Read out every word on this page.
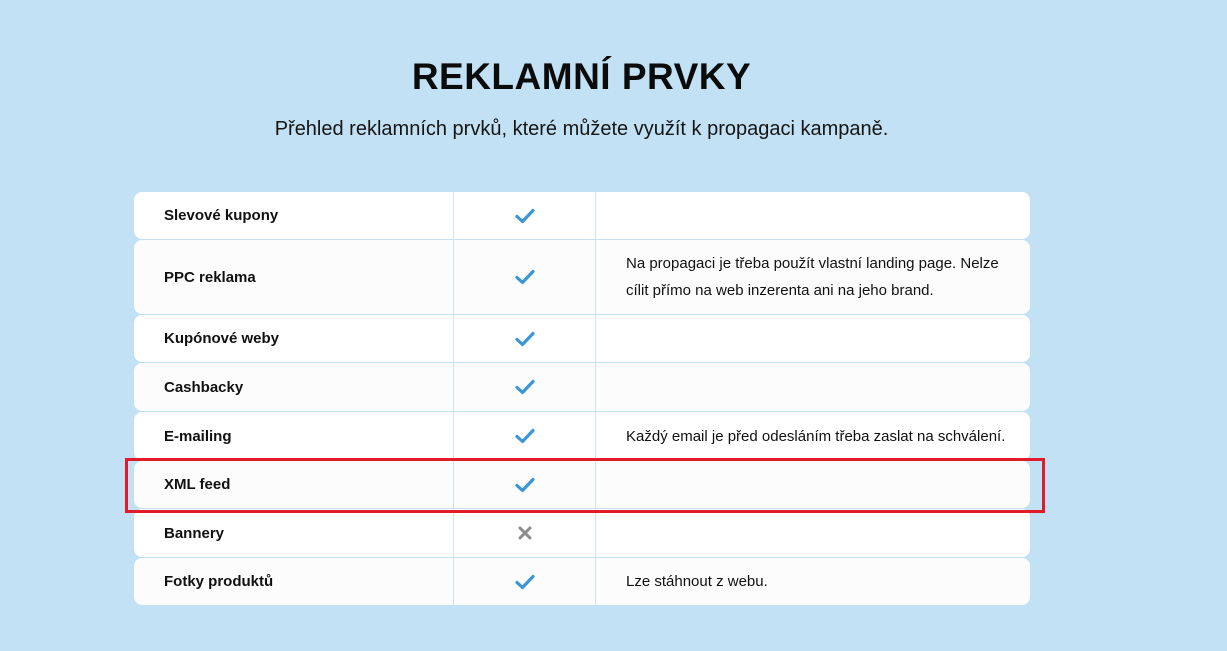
REKLAMNÍ PRVKY

Přehled reklamních prvků, které můžete využít k propagaci kampaně.

Slevové kupony
PPC reklama
Na propagaci je třeba použít vlastní landing page. Nelze cílit přímo na web inzerenta ani na jeho brand.
Kupónové weby
Cashbacky
E-mailing	Každý email je před odesláním třeba zaslat na schválení.
XML feed
Bannery
Fotky produktů	Lze stáhnout z webu.
